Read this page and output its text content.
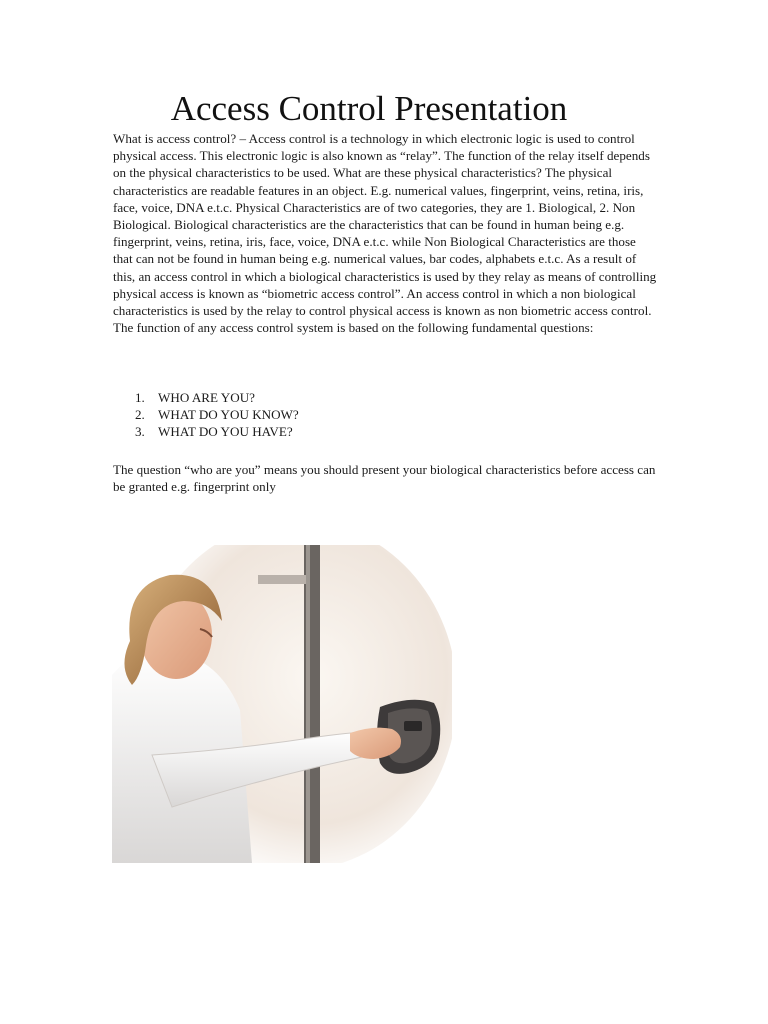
Access Control Presentation

What is access control? – Access control is a technology in which electronic logic is used to control physical access. This electronic logic is also known as “relay”. The function of the relay itself depends on the physical characteristics to be used. What are these physical characteristics? The physical characteristics are readable features in an object. E.g. numerical values, fingerprint, veins, retina, iris, face, voice, DNA e.t.c. Physical Characteristics are of two categories, they are 1. Biological, 2. Non Biological. Biological characteristics are the characteristics that can be found in human being e.g. fingerprint, veins, retina, iris, face, voice, DNA e.t.c. while Non Biological Characteristics are those that can not be found in human being e.g. numerical values, bar codes, alphabets e.t.c. As a result of this, an access control in which a biological characteristics is used by they relay as means of controlling physical access is known as “biometric access control”. An access control in which a non biological characteristics is used by the relay to control physical access is known as non biometric access control. The function of any access control system is based on the following fundamental questions:

1. WHO ARE YOU?
2. WHAT DO YOU KNOW?
3. WHAT DO YOU HAVE?

The question “who are you” means you should present your biological characteristics before access can be granted e.g. fingerprint only
